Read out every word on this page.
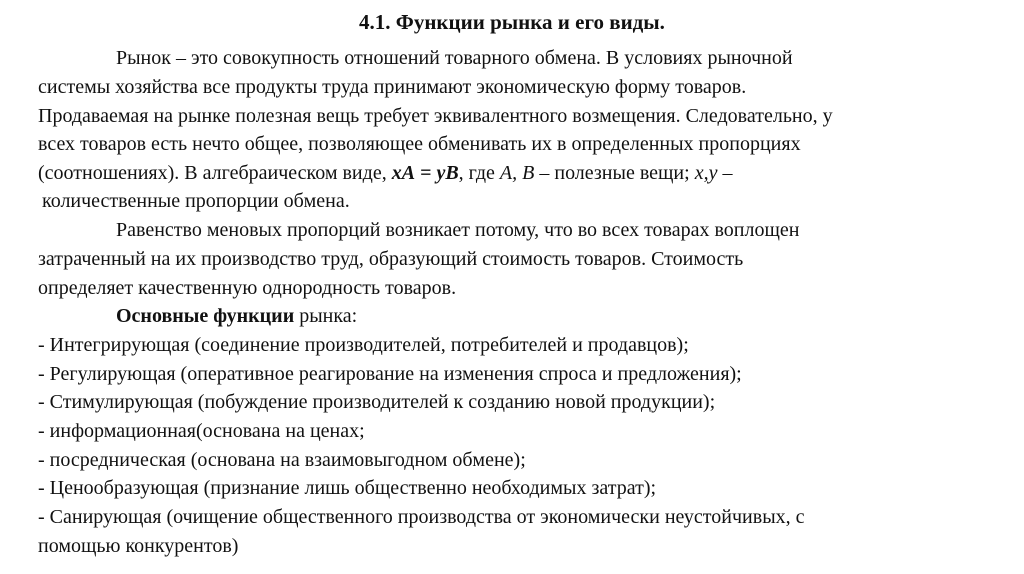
4.1. Функции рынка и его виды.
Рынок – это совокупность отношений товарного обмена. В условиях рыночной
системы хозяйства все продукты труда принимают экономическую форму товаров.
Продаваемая на рынке полезная вещь требует эквивалентного возмещения. Следовательно, у
всех товаров есть нечто общее, позволяющее обменивать их в определенных пропорциях
(соотношениях). В алгебраическом виде, хА = уВ, где А, В – полезные вещи; х,у –
количественные пропорции обмена.
Равенство меновых пропорций возникает потому, что во всех товарах воплощен
затраченный на их производство труд, образующий стоимость товаров. Стоимость
определяет качественную однородность товаров.
Основные функции рынка:
- Интегрирующая (соединение производителей, потребителей и продавцов);
- Регулирующая (оперативное реагирование на изменения спроса и предложения);
- Стимулирующая (побуждение производителей к созданию новой продукции);
- информационная(основана на ценах;
- посредническая (основана на взаимовыгодном обмене);
- Ценообразующая (признание лишь общественно необходимых затрат);
- Санирующая (очищение общественного производства от экономически неустойчивых, с
помощью конкурентов)
